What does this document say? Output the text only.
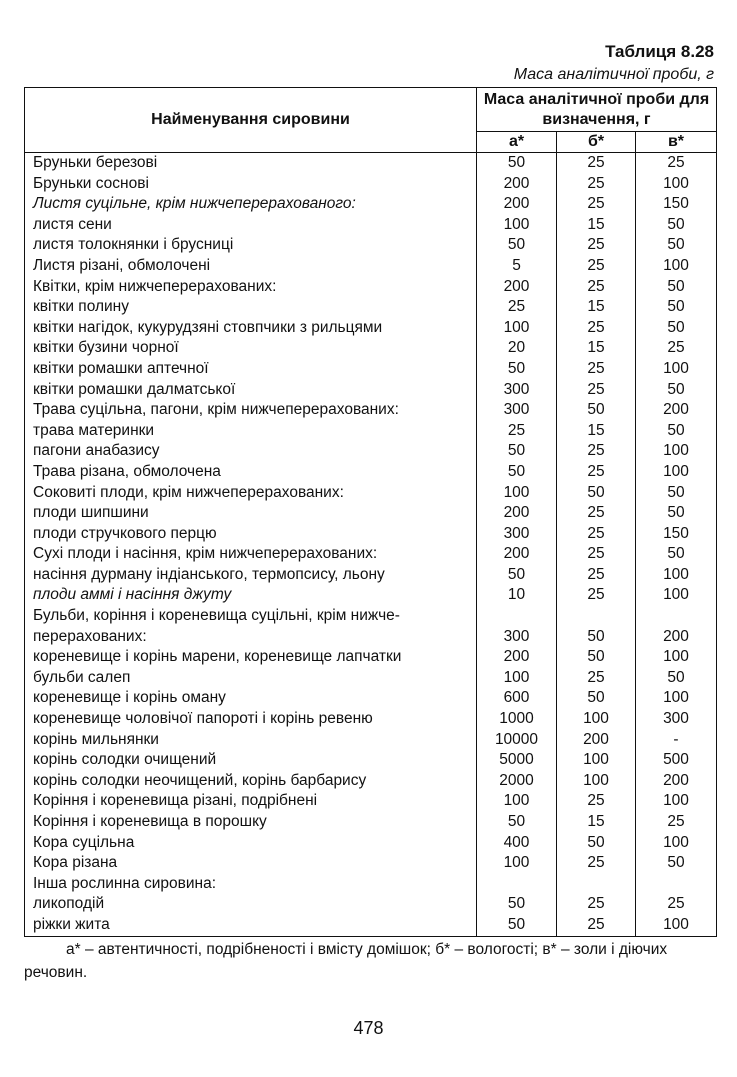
Таблиця 8.28

Маса аналітичної проби, г

Найменування сировини	Маса аналітичної проби для визначення, г		
	а*	б*	в*
Бруньки березові	50	25	25
Бруньки соснові	200	25	100
Листя суцільне, крім нижчеперерахованого:	200	25	150
листя сени	100	15	50
листя толокнянки і брусниці	50	25	50
Листя різані, обмолочені	5	25	100
Квітки, крім нижчеперерахованих:	200	25	50
квітки полину	25	15	50
квітки нагідок, кукурудзяні стовпчики з рильцями	100	25	50
квітки бузини чорної	20	15	25
квітки ромашки аптечної	50	25	100
квітки ромашки далматської	300	25	50
Трава суцільна, пагони, крім нижчеперерахованих:	300	50	200
трава материнки	25	15	50
пагони анабазису	50	25	100
Трава різана, обмолочена	50	25	100
Соковиті плоди, крім нижчеперерахованих:	100	50	50
плоди шипшини	200	25	50
плоди стручкового перцю	300	25	150
Сухі плоди і насіння, крім нижчеперерахованих:	200	25	50
насіння дурману індіанського, термопсису, льону	50	25	100
плоди аммі і насіння джуту	10	25	100
Бульби, коріння і кореневища суцільні, крім нижче-			
перерахованих:	300	50	200
кореневище і корінь марени, кореневище лапчатки	200	50	100
бульби салеп	100	25	50
кореневище і корінь оману	600	50	100
кореневище чоловічої папороті і корінь ревеню	1000	100	300
корінь мильнянки	10000	200	-
корінь солодки очищений	5000	100	500
корінь солодки неочищений, корінь барбарису	2000	100	200
Коріння і кореневища різані, подрібнені	100	25	100
Коріння і кореневища в порошку	50	15	25
Кора суцільна	400	50	100
Кора різана	100	25	50
Інша рослинна сировина:			
ликоподій	50	25	25
ріжки жита	50	25	100

а* – автентичності, подрібненості і вмісту домішок; б* – вологості; в* – золи і діючих речовин.

478
